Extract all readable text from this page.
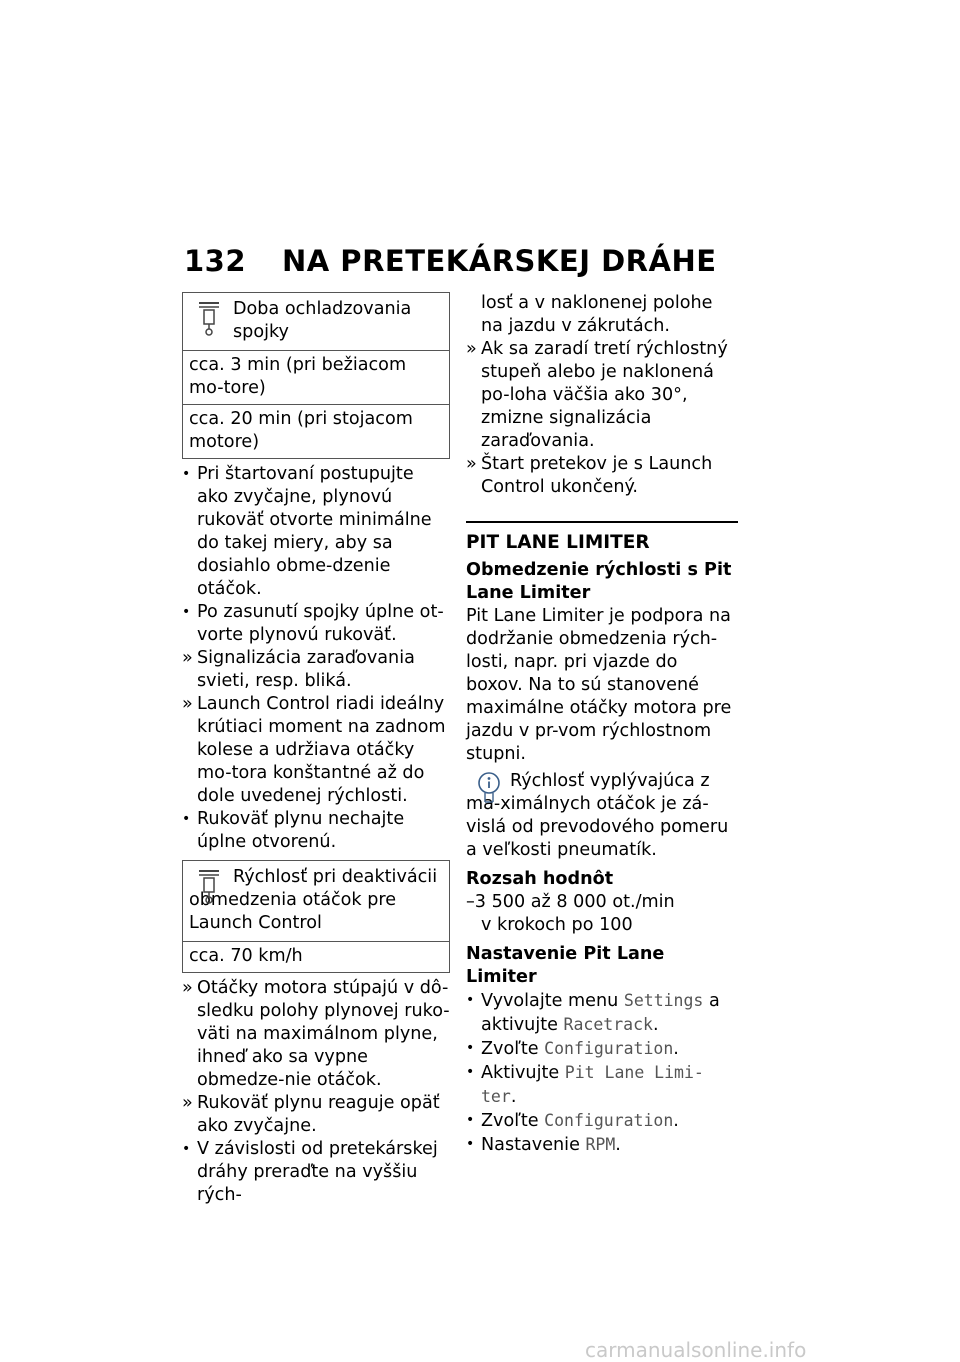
132 NA PRETEKÁRSKEJ DRÁHE
Doba ochladzovania spojky
cca. 3 min (pri bežiacom mo-tore)
cca. 20 min (pri stojacom motore)
• Pri štartovaní postupujte ako zvyčajne, plynovú rukoväť otvorte minimálne do takej miery, aby sa dosiahlo obme-dzenie otáčok.
• Po zasunutí spojky úplne ot-vorte plynovú rukoväť.
» Signalizácia zaraďovania svieti, resp. bliká.
» Launch Control riadi ideálny krútiaci moment na zadnom kolese a udržiava otáčky mo-tora konštantné až do dole uvedenej rýchlosti.
• Rukoväť plynu nechajte úplne otvorenú.
Rýchlosť pri deaktivácii obmedzenia otáčok pre Launch Control
cca. 70 km/h
» Otáčky motora stúpajú v dô-sledku polohy plynovej ruko-väti na maximálnom plyne, ihneď ako sa vypne obmedze-nie otáčok.
» Rukoväť plynu reaguje opäť ako zvyčajne.
• V závislosti od pretekárskej dráhy preraďte na vyššiu rých-
losť a v naklonenej polohe na jazdu v zákrutách.
» Ak sa zaradí tretí rýchlostný stupeň alebo je naklonená po-loha väčšia ako 30°, zmizne signalizácia zaraďovania.
» Štart pretekov je s Launch Control ukončený.
PIT LANE LIMITER
Obmedzenie rýchlosti s Pit Lane Limiter
Pit Lane Limiter je podpora na dodržanie obmedzenia rých-losti, napr. pri vjazde do boxov. Na to sú stanovené maximálne otáčky motora pre jazdu v pr-vom rýchlostnom stupni.
Rýchlosť vyplývajúca z ma-ximálnych otáčok je zá-vislá od prevodového pomeru a veľkosti pneumatík.
Rozsah hodnôt
–3 500 až 8 000 ot./min
v krokoch po 100
Nastavenie Pit Lane Limiter
• Vyvolajte menu Settings a aktivujte Racetrack.
• Zvoľte Configuration.
• Aktivujte Pit Lane Limi-ter.
• Zvoľte Configuration.
• Nastavenie RPM.
carmanualsonline.info
